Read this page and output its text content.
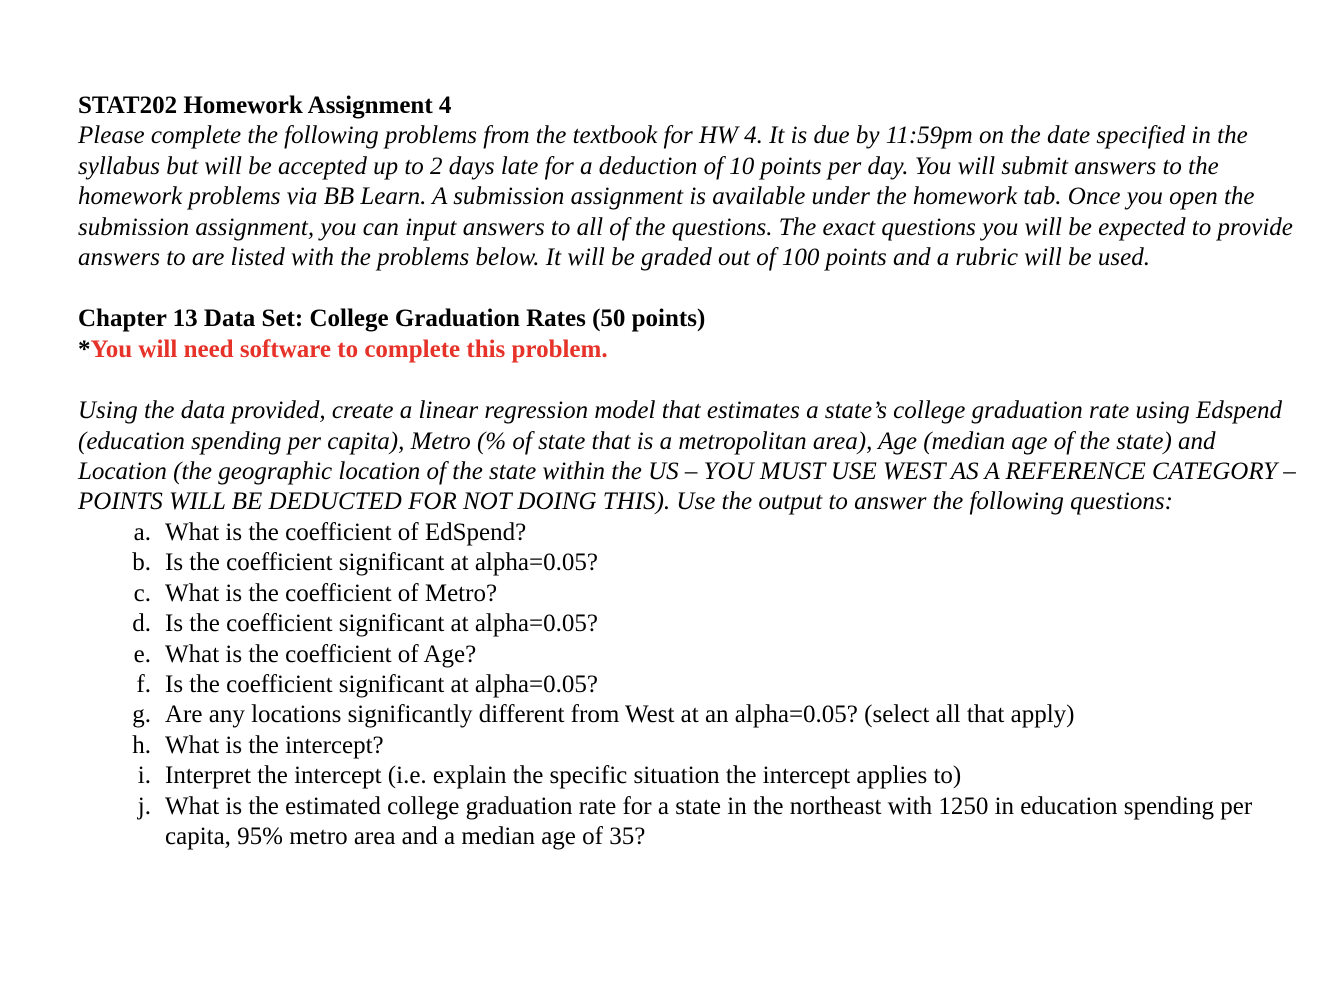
STAT202 Homework Assignment 4
Please complete the following problems from the textbook for HW 4. It is due by 11:59pm on the date specified in the syllabus but will be accepted up to 2 days late for a deduction of 10 points per day. You will submit answers to the homework problems via BB Learn. A submission assignment is available under the homework tab. Once you open the submission assignment, you can input answers to all of the questions. The exact questions you will be expected to provide answers to are listed with the problems below. It will be graded out of 100 points and a rubric will be used.
Chapter 13 Data Set: College Graduation Rates (50 points)
*You will need software to complete this problem.
Using the data provided, create a linear regression model that estimates a state’s college graduation rate using Edspend (education spending per capita), Metro (% of state that is a metropolitan area), Age (median age of the state) and Location (the geographic location of the state within the US – YOU MUST USE WEST AS A REFERENCE CATEGORY – POINTS WILL BE DEDUCTED FOR NOT DOING THIS). Use the output to answer the following questions:
a. What is the coefficient of EdSpend?
b. Is the coefficient significant at alpha=0.05?
c. What is the coefficient of Metro?
d. Is the coefficient significant at alpha=0.05?
e. What is the coefficient of Age?
f. Is the coefficient significant at alpha=0.05?
g. Are any locations significantly different from West at an alpha=0.05? (select all that apply)
h. What is the intercept?
i. Interpret the intercept (i.e. explain the specific situation the intercept applies to)
j. What is the estimated college graduation rate for a state in the northeast with 1250 in education spending per capita, 95% metro area and a median age of 35?
